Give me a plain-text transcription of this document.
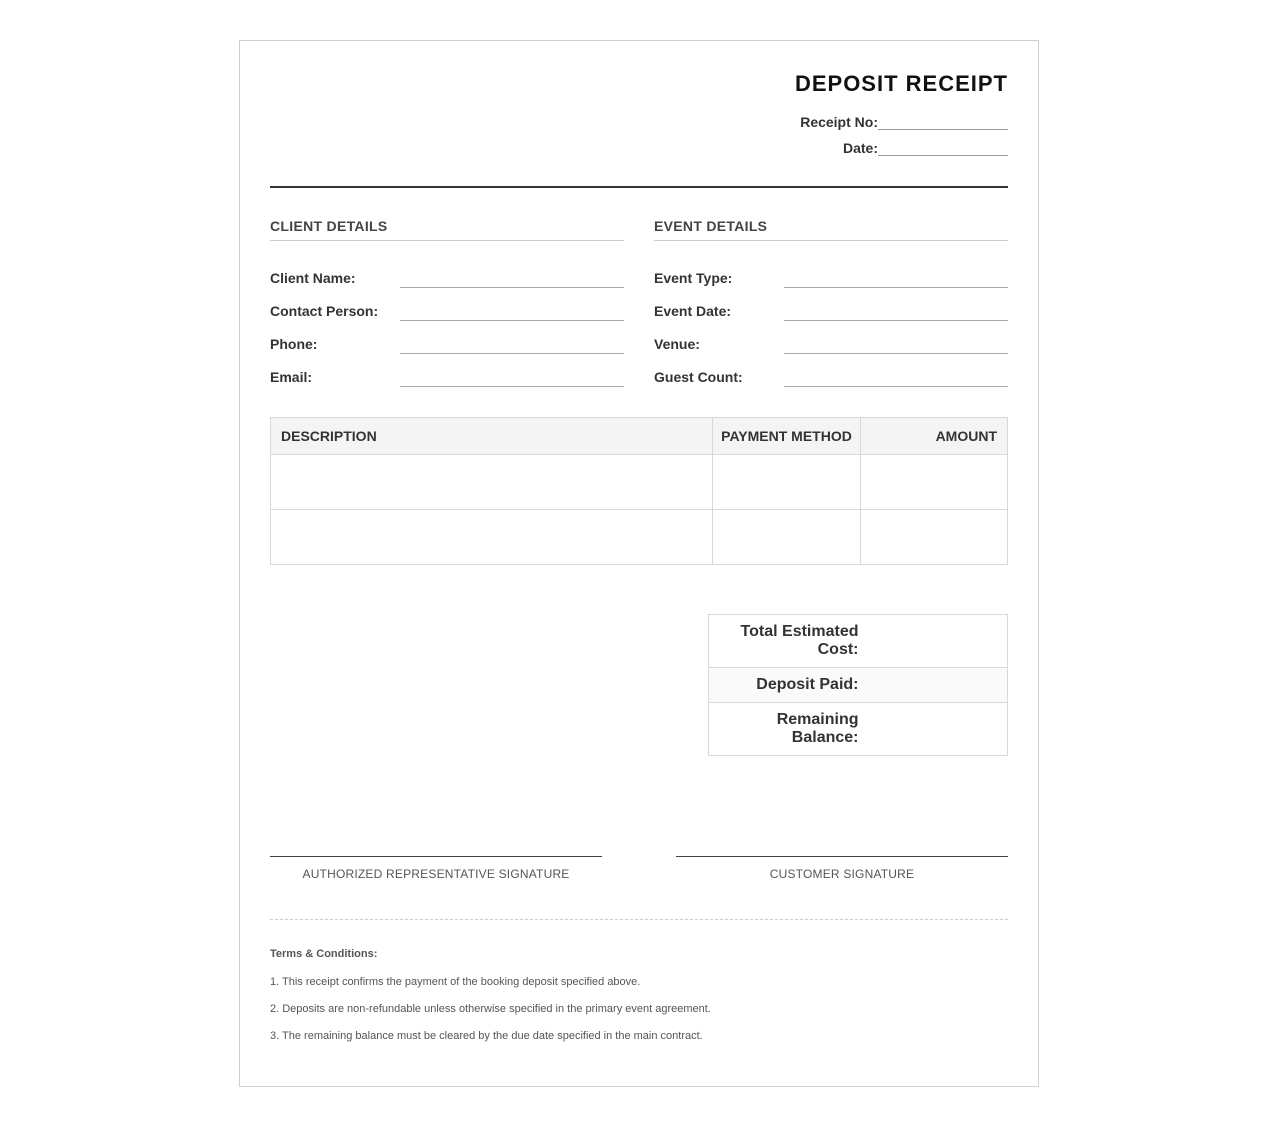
DEPOSIT RECEIPT
Receipt No:
Date:
CLIENT DETAILS
Client Name:
Contact Person:
Phone:
Email:
EVENT DETAILS
Event Type:
Event Date:
Venue:
Guest Count:
DESCRIPTION	PAYMENT METHOD	AMOUNT

Total Estimated Cost:	
Deposit Paid:	
Remaining Balance:	
AUTHORIZED REPRESENTATIVE SIGNATURE	CUSTOMER SIGNATURE
Terms & Conditions:
1. This receipt confirms the payment of the booking deposit specified above.
2. Deposits are non-refundable unless otherwise specified in the primary event agreement.
3. The remaining balance must be cleared by the due date specified in the main contract.
